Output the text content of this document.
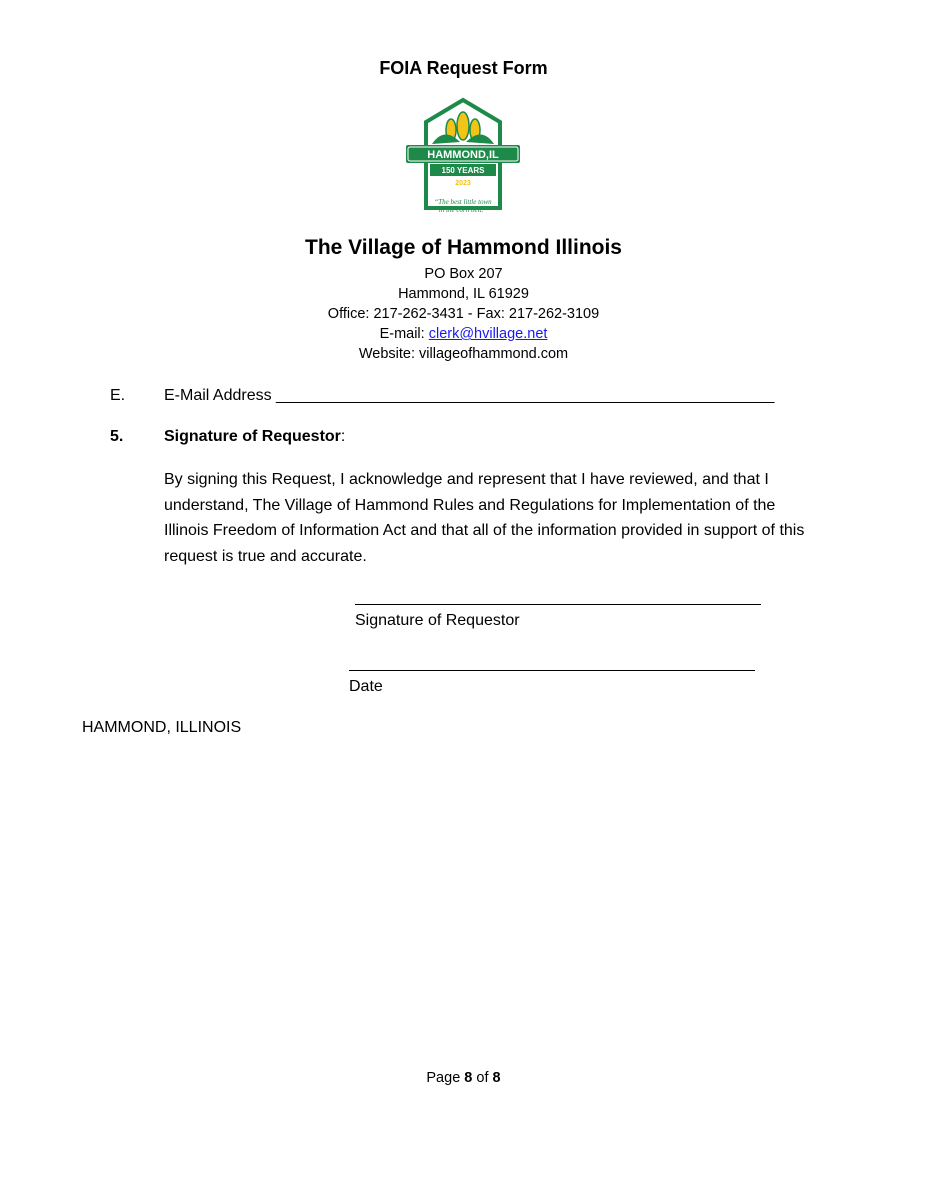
FOIA Request Form
HAMMOND,IL
150 YEARS
2023
“The best little town
in the corn belt.”
The Village of Hammond Illinois
PO Box 207
Hammond, IL 61929
Office: 217-262-3431 - Fax: 217-262-3109
E-mail: clerk@hvillage.net
Website: villageofhammond.com
E. E-Mail Address ________________________________________________________
5.	Signature of Requestor:
By signing this Request, I acknowledge and represent that I have reviewed, and that I understand, The Village of Hammond Rules and Regulations for Implementation of the Illinois Freedom of Information Act and that all of the information provided in support of this request is true and accurate.
Signature of Requestor
Date
HAMMOND, ILLINOIS
Page 8 of 8
